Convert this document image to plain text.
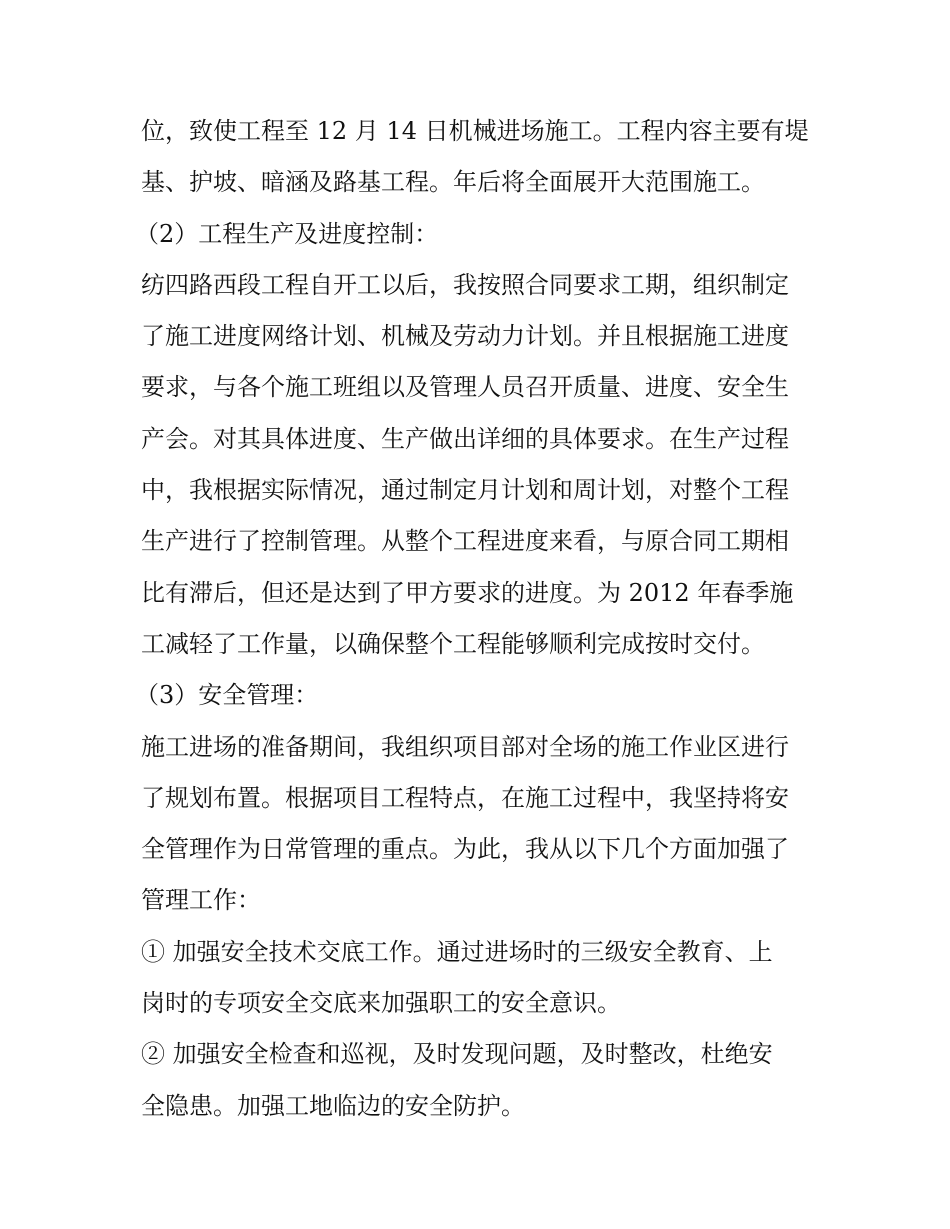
位，致使工程至 12 月 14 日机械进场施工。工程内容主要有堤
基、护坡、暗涵及路基工程。年后将全面展开大范围施工。
（2）工程生产及进度控制：
纺四路西段工程自开工以后，我按照合同要求工期，组织制定
了施工进度网络计划、机械及劳动力计划。并且根据施工进度
要求，与各个施工班组以及管理人员召开质量、进度、安全生
产会。对其具体进度、生产做出详细的具体要求。在生产过程
中，我根据实际情况，通过制定月计划和周计划，对整个工程
生产进行了控制管理。从整个工程进度来看，与原合同工期相
比有滞后，但还是达到了甲方要求的进度。为 2012 年春季施
工减轻了工作量，以确保整个工程能够顺利完成按时交付。
（3）安全管理：
施工进场的准备期间，我组织项目部对全场的施工作业区进行
了规划布置。根据项目工程特点，在施工过程中，我坚持将安
全管理作为日常管理的重点。为此，我从以下几个方面加强了
管理工作：
① 加强安全技术交底工作。通过进场时的三级安全教育、上
岗时的专项安全交底来加强职工的安全意识。
② 加强安全检查和巡视，及时发现问题，及时整改，杜绝安
全隐患。加强工地临边的安全防护。
